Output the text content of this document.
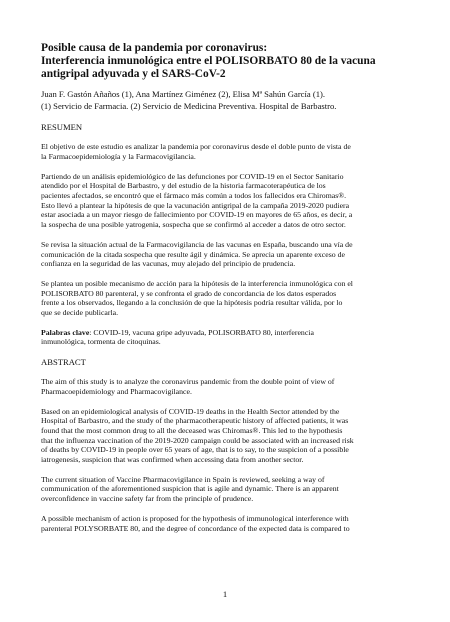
Posible causa de la pandemia por coronavirus:
Interferencia inmunológica entre el POLISORBATO 80 de la vacuna
antigripal adyuvada y el SARS-CoV-2
Juan F. Gastón Añaños (1), Ana Martínez Giménez (2), Elisa Mª Sahún García (1).
(1) Servicio de Farmacia. (2) Servicio de Medicina Preventiva. Hospital de Barbastro.
RESUMEN
El objetivo de este estudio es analizar la pandemia por coronavirus desde el doble punto de vista de
la Farmacoepidemiología y la Farmacovigilancia.
Partiendo de un análisis epidemiológico de las defunciones por COVID-19 en el Sector Sanitario
atendido por el Hospital de Barbastro, y del estudio de la historia farmacoterapéutica de los
pacientes afectados, se encontró que el fármaco más común a todos los fallecidos era Chiromas®.
Esto llevó a plantear la hipótesis de que la vacunación antigripal de la campaña 2019-2020 pudiera
estar asociada a un mayor riesgo de fallecimiento por COVID-19 en mayores de 65 años, es decir, a
la sospecha de una posible yatrogenia, sospecha que se confirmó al acceder a datos de otro sector.
Se revisa la situación actual de la Farmacovigilancia de las vacunas en España, buscando una vía de
comunicación de la citada sospecha que resulte ágil y dinámica. Se aprecia un aparente exceso de
confianza en la seguridad de las vacunas, muy alejado del principio de prudencia.
Se plantea un posible mecanismo de acción para la hipótesis de la interferencia inmunológica con el
POLISORBATO 80 parenteral, y se confronta el grado de concordancia de los datos esperados
frente a los observados, llegando a la conclusión de que la hipótesis podría resultar válida, por lo
que se decide publicarla.
Palabras clave: COVID-19, vacuna gripe adyuvada, POLISORBATO 80, interferencia
inmunológica, tormenta de citoquinas.
ABSTRACT
The aim of this study is to analyze the coronavirus pandemic from the double point of view of
Pharmacoepidemiology and Pharmacovigilance.
Based on an epidemiological analysis of COVID-19 deaths in the Health Sector attended by the
Hospital of Barbastro, and the study of the pharmacotherapeutic history of affected patients, it was
found that the most common drug to all the deceased was Chiromas®. This led to the hypothesis
that the influenza vaccination of the 2019-2020 campaign could be associated with an increased risk
of deaths by COVID-19 in people over 65 years of age, that is to say, to the suspicion of a possible
iatrogenesis, suspicion that was confirmed when accessing data from another sector.
The current situation of Vaccine Pharmacovigilance in Spain is reviewed, seeking a way of
communication of the aforementioned suspicion that is agile and dynamic. There is an apparent
overconfidence in vaccine safety far from the principle of prudence.
A possible mechanism of action is proposed for the hypothesis of immunological interference with
parenteral POLYSORBATE 80, and the degree of concordance of the expected data is compared to
1
